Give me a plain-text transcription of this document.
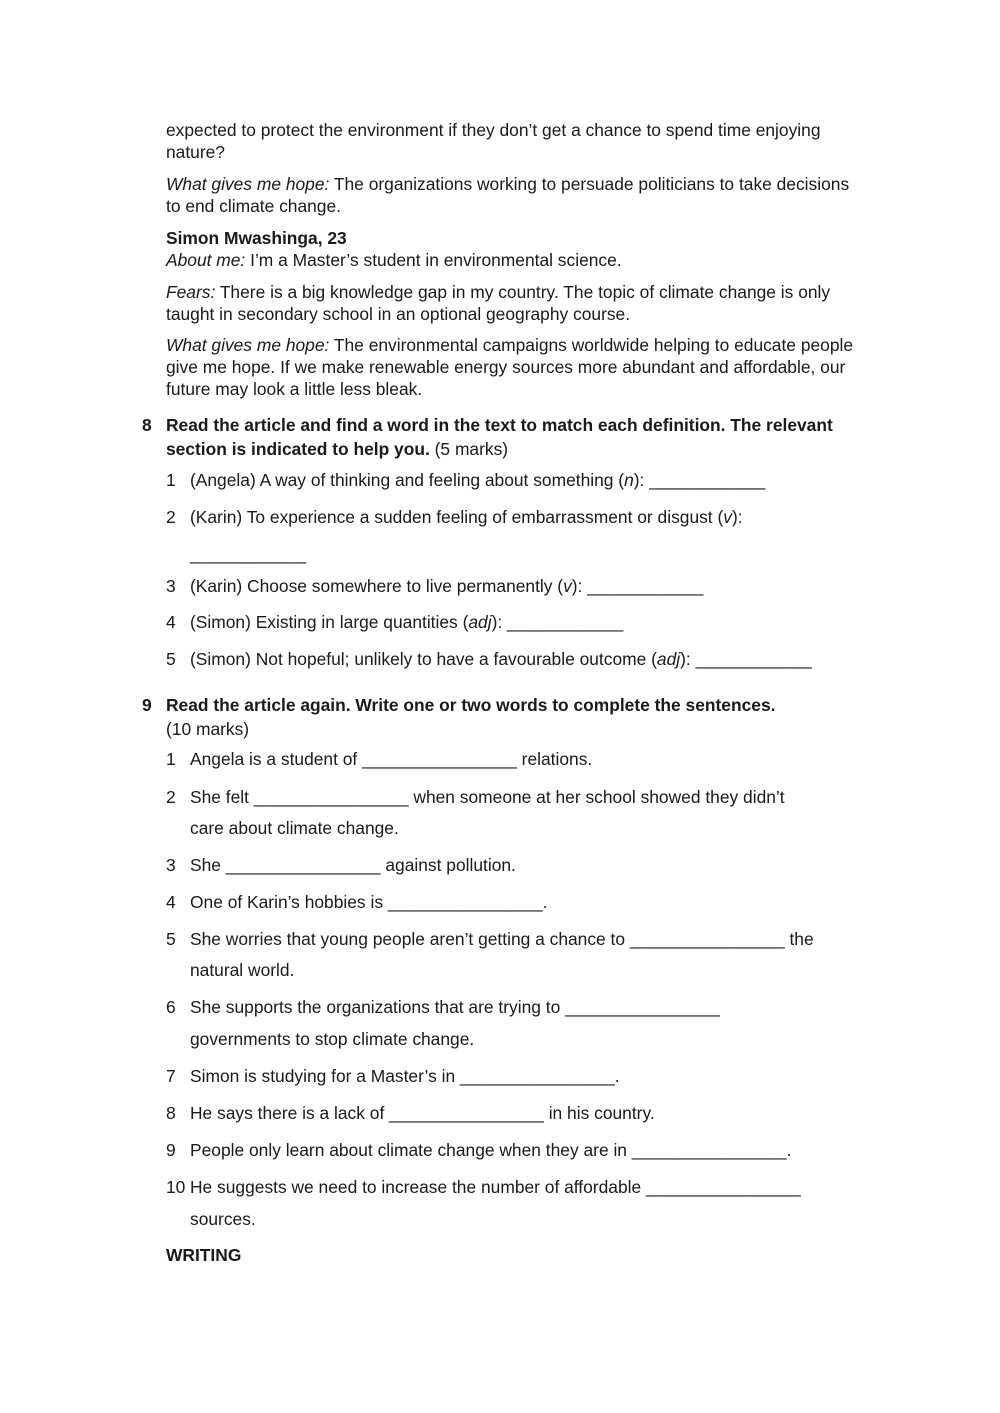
expected to protect the environment if they don’t get a chance to spend time enjoying nature?

What gives me hope: The organizations working to persuade politicians to take decisions to end climate change.

Simon Mwashinga, 23

About me: I’m a Master’s student in environmental science.

Fears: There is a big knowledge gap in my country. The topic of climate change is only taught in secondary school in an optional geography course.

What gives me hope: The environmental campaigns worldwide helping to educate people give me hope. If we make renewable energy sources more abundant and affordable, our future may look a little less bleak.

8 Read the article and find a word in the text to match each definition. The relevant section is indicated to help you. (5 marks)
1 (Angela) A way of thinking and feeling about something (n): ____________
2 (Karin) To experience a sudden feeling of embarrassment or disgust (v):
____________
3 (Karin) Choose somewhere to live permanently (v): ____________
4 (Simon) Existing in large quantities (adj): ____________
5 (Simon) Not hopeful; unlikely to have a favourable outcome (adj): ____________
9 Read the article again. Write one or two words to complete the sentences.
(10 marks)
1 Angela is a student of ________________ relations.
2 She felt ________________ when someone at her school showed they didn’t
care about climate change.
3 She ________________ against pollution.
4 One of Karin’s hobbies is ________________.
5 She worries that young people aren’t getting a chance to ________________ the
natural world.
6 She supports the organizations that are trying to ________________
governments to stop climate change.
7 Simon is studying for a Master’s in ________________.
8 He says there is a lack of ________________ in his country.
9 People only learn about climate change when they are in ________________.
10 He suggests we need to increase the number of affordable ________________
sources.
WRITING
